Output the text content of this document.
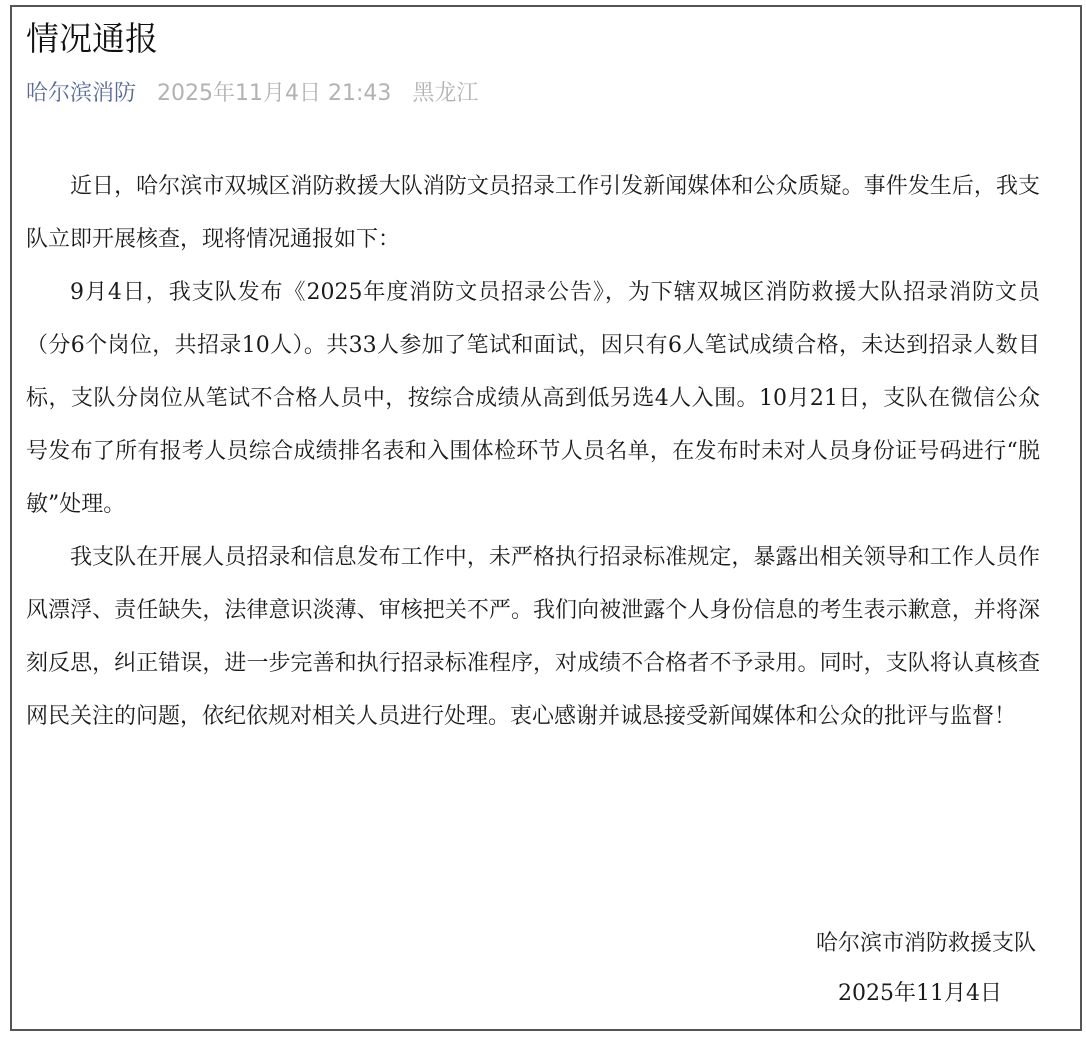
情况通报
哈尔滨消防 2025年11月4日 21:43 黑龙江

近日，哈尔滨市双城区消防救援大队消防文员招录工作引发新闻媒体和公众质疑。事件发生后，我支队立即开展核查，现将情况通报如下：

9月4日，我支队发布《2025年度消防文员招录公告》，为下辖双城区消防救援大队招录消防文员（分6个岗位，共招录10人）。共33人参加了笔试和面试，因只有6人笔试成绩合格，未达到招录人数目标，支队分岗位从笔试不合格人员中，按综合成绩从高到低另选4人入围。10月21日，支队在微信公众号发布了所有报考人员综合成绩排名表和入围体检环节人员名单，在发布时未对人员身份证号码进行“脱敏”处理。

我支队在开展人员招录和信息发布工作中，未严格执行招录标准规定，暴露出相关领导和工作人员作风漂浮、责任缺失，法律意识淡薄、审核把关不严。我们向被泄露个人身份信息的考生表示歉意，并将深刻反思，纠正错误，进一步完善和执行招录标准程序，对成绩不合格者不予录用。同时，支队将认真核查网民关注的问题，依纪依规对相关人员进行处理。衷心感谢并诚恳接受新闻媒体和公众的批评与监督！

哈尔滨市消防救援支队
2025年11月4日
